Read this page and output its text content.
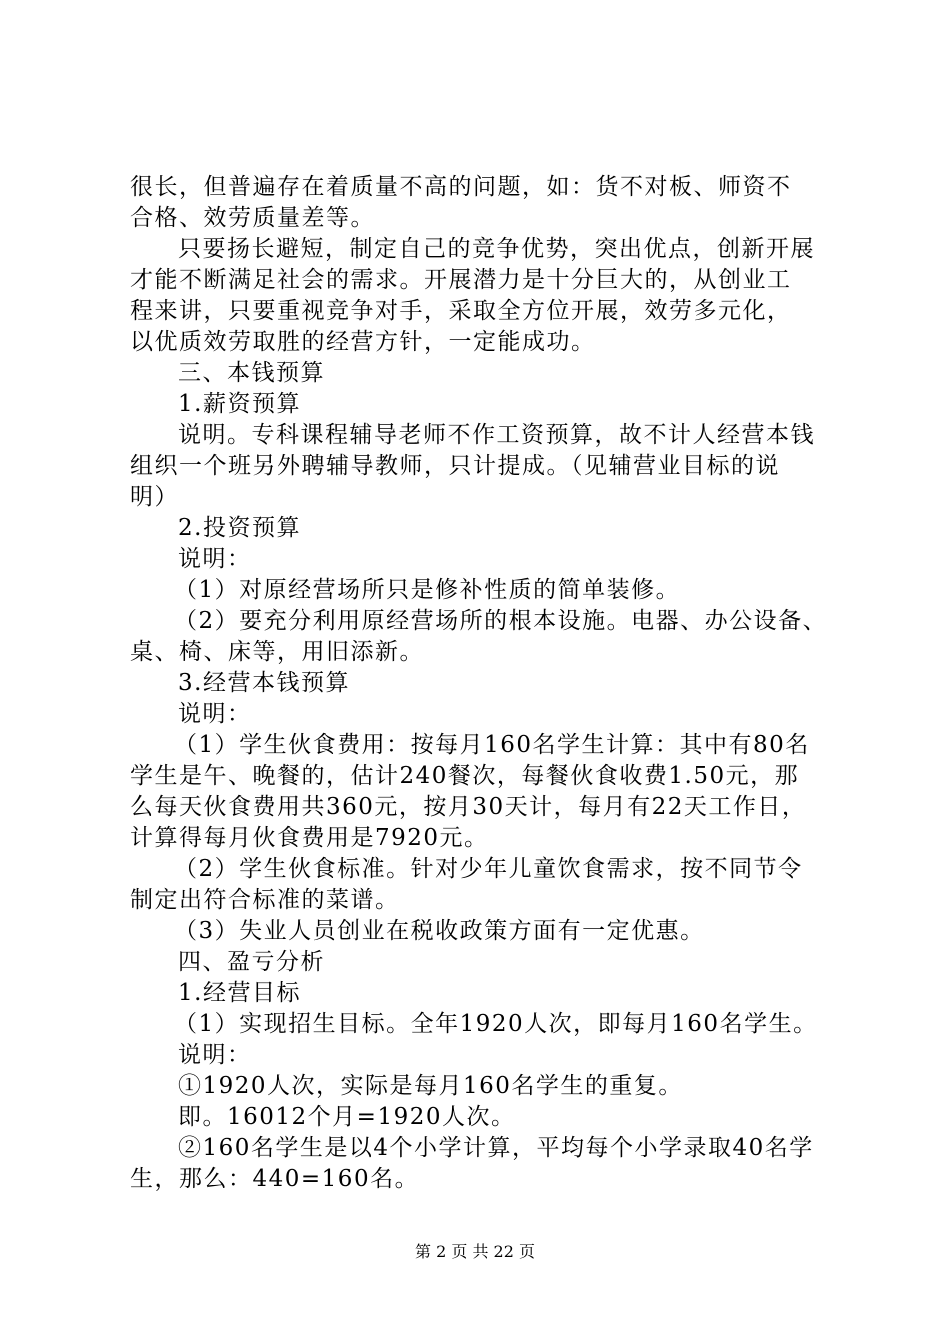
很长，但普遍存在着质量不高的问题，如：货不对板、师资不
合格、效劳质量差等。
只要扬长避短，制定自己的竞争优势，突出优点，创新开展
才能不断满足社会的需求。开展潜力是十分巨大的，从创业工
程来讲，只要重视竞争对手，采取全方位开展，效劳多元化，
以优质效劳取胜的经营方针，一定能成功。
三、本钱预算
1.薪资预算
说明。专科课程辅导老师不作工资预算，故不计人经营本钱
组织一个班另外聘辅导教师，只计提成。（见辅营业目标的说
明）
2.投资预算
说明：
（1）对原经营场所只是修补性质的简单装修。
（2）要充分利用原经营场所的根本设施。电器、办公设备、
桌、椅、床等，用旧添新。
3.经营本钱预算
说明：
（1）学生伙食费用：按每月160名学生计算：其中有80名
学生是午、晚餐的，估计240餐次，每餐伙食收费1.50元，那
么每天伙食费用共360元，按月30天计，每月有22天工作日，
计算得每月伙食费用是7920元。
（2）学生伙食标准。针对少年儿童饮食需求，按不同节令
制定出符合标准的菜谱。
（3）失业人员创业在税收政策方面有一定优惠。
四、盈亏分析
1.经营目标
（1）实现招生目标。全年1920人次，即每月160名学生。
说明：
①1920人次，实际是每月160名学生的重复。
即。16012个月=1920人次。
②160名学生是以4个小学计算，平均每个小学录取40名学
生，那么：440=160名。
第 2 页 共 22 页
